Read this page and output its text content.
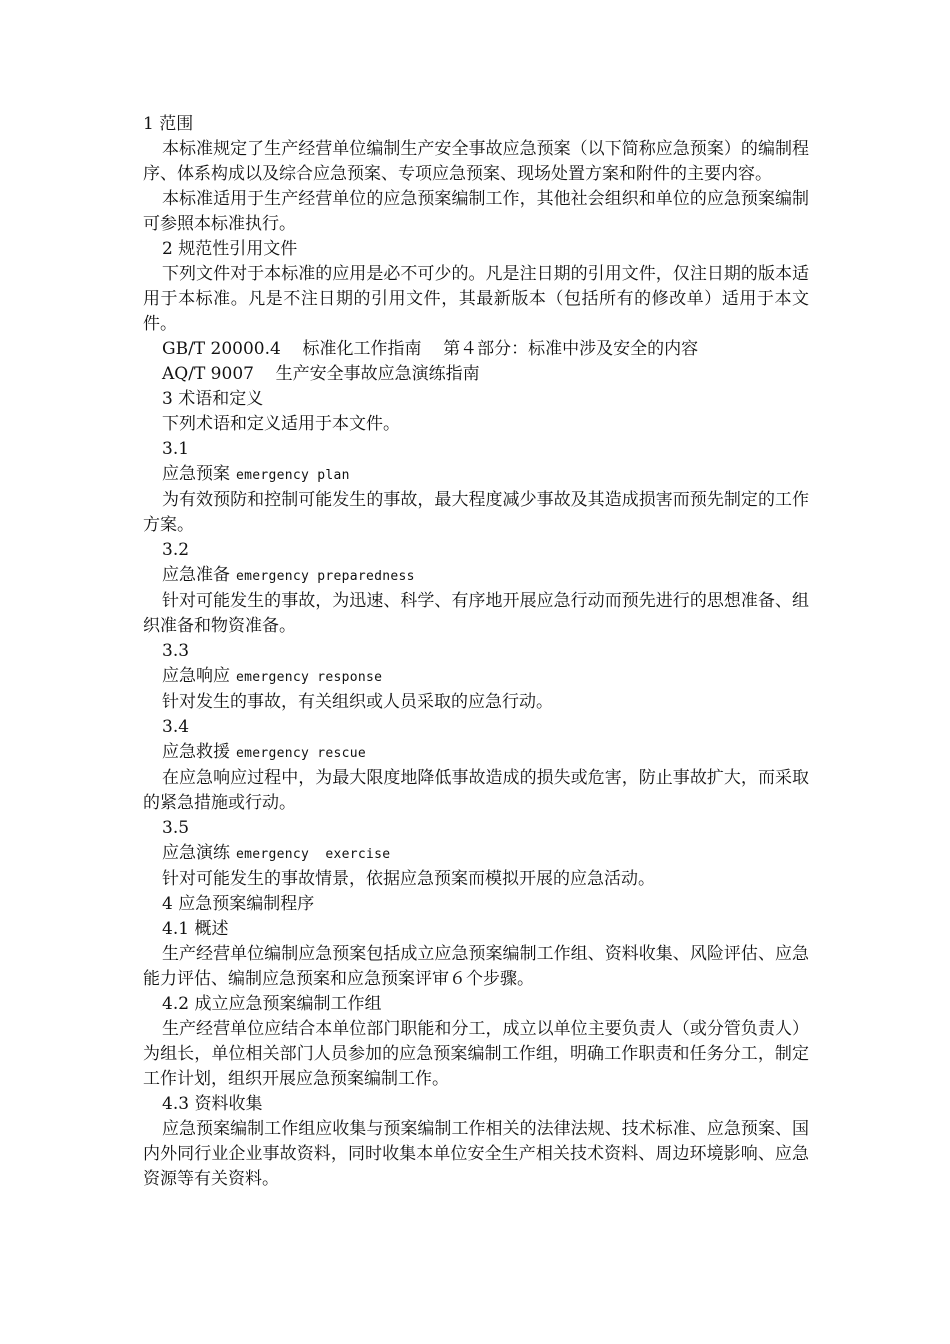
1 范围

本标准规定了生产经营单位编制生产安全事故应急预案（以下简称应急预案）的编制程序、体系构成以及综合应急预案、专项应急预案、现场处置方案和附件的主要内容。

本标准适用于生产经营单位的应急预案编制工作，其他社会组织和单位的应急预案编制可参照本标准执行。

2 规范性引用文件

下列文件对于本标准的应用是必不可少的。凡是注日期的引用文件，仅注日期的版本适用于本标准。凡是不注日期的引用文件，其最新版本（包括所有的修改单）适用于本文件。

GB/T 20000.4    标准化工作指南    第４部分：标准中涉及安全的内容

AQ/T 9007    生产安全事故应急演练指南

3 术语和定义

下列术语和定义适用于本文件。

3.1

应急预案 emergency plan

为有效预防和控制可能发生的事故，最大程度减少事故及其造成损害而预先制定的工作方案。

3.2

应急准备 emergency preparedness

针对可能发生的事故，为迅速、科学、有序地开展应急行动而预先进行的思想准备、组织准备和物资准备。

3.3

应急响应 emergency response

针对发生的事故，有关组织或人员采取的应急行动。

3.4

应急救援 emergency rescue

在应急响应过程中，为最大限度地降低事故造成的损失或危害，防止事故扩大，而采取的紧急措施或行动。

3.5

应急演练 emergency  exercise

针对可能发生的事故情景，依据应急预案而模拟开展的应急活动。

4 应急预案编制程序

4.1 概述

生产经营单位编制应急预案包括成立应急预案编制工作组、资料收集、风险评估、应急能力评估、编制应急预案和应急预案评审６个步骤。

4.2 成立应急预案编制工作组

生产经营单位应结合本单位部门职能和分工，成立以单位主要负责人（或分管负责人）为组长，单位相关部门人员参加的应急预案编制工作组，明确工作职责和任务分工，制定工作计划，组织开展应急预案编制工作。

4.3 资料收集

应急预案编制工作组应收集与预案编制工作相关的法律法规、技术标准、应急预案、国内外同行业企业事故资料，同时收集本单位安全生产相关技术资料、周边环境影响、应急资源等有关资料。
